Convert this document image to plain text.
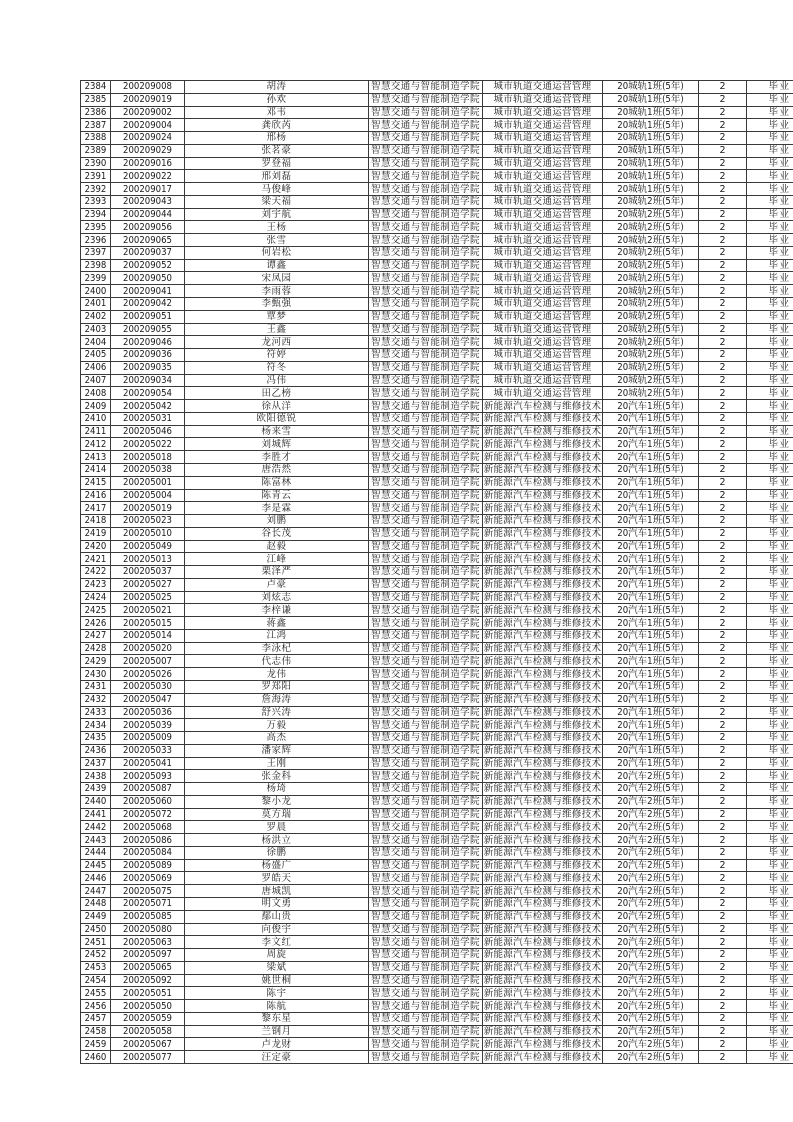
2384	200209008	胡涛	智慧交通与智能制造学院	城市轨道交通运营管理	20城轨1班(5年)	2	毕业
2385	200209019	孙欢	智慧交通与智能制造学院	城市轨道交通运营管理	20城轨1班(5年)	2	毕业
2386	200209002	邓韦	智慧交通与智能制造学院	城市轨道交通运营管理	20城轨1班(5年)	2	毕业
2387	200209004	龚欣芮	智慧交通与智能制造学院	城市轨道交通运营管理	20城轨1班(5年)	2	毕业
2388	200209024	邢杨	智慧交通与智能制造学院	城市轨道交通运营管理	20城轨1班(5年)	2	毕业
2389	200209029	张茗豪	智慧交通与智能制造学院	城市轨道交通运营管理	20城轨1班(5年)	2	毕业
2390	200209016	罗登福	智慧交通与智能制造学院	城市轨道交通运营管理	20城轨1班(5年)	2	毕业
2391	200209022	邢刘磊	智慧交通与智能制造学院	城市轨道交通运营管理	20城轨1班(5年)	2	毕业
2392	200209017	马俊峰	智慧交通与智能制造学院	城市轨道交通运营管理	20城轨1班(5年)	2	毕业
2393	200209043	梁天福	智慧交通与智能制造学院	城市轨道交通运营管理	20城轨2班(5年)	2	毕业
2394	200209044	刘宇航	智慧交通与智能制造学院	城市轨道交通运营管理	20城轨2班(5年)	2	毕业
2395	200209056	王杨	智慧交通与智能制造学院	城市轨道交通运营管理	20城轨2班(5年)	2	毕业
2396	200209065	张雪	智慧交通与智能制造学院	城市轨道交通运营管理	20城轨2班(5年)	2	毕业
2397	200209037	何岩松	智慧交通与智能制造学院	城市轨道交通运营管理	20城轨2班(5年)	2	毕业
2398	200209052	谭鑫	智慧交通与智能制造学院	城市轨道交通运营管理	20城轨2班(5年)	2	毕业
2399	200209050	宋凤园	智慧交通与智能制造学院	城市轨道交通运营管理	20城轨2班(5年)	2	毕业
2400	200209041	李雨蓉	智慧交通与智能制造学院	城市轨道交通运营管理	20城轨2班(5年)	2	毕业
2401	200209042	李甄强	智慧交通与智能制造学院	城市轨道交通运营管理	20城轨2班(5年)	2	毕业
2402	200209051	覃梦	智慧交通与智能制造学院	城市轨道交通运营管理	20城轨2班(5年)	2	毕业
2403	200209055	王鑫	智慧交通与智能制造学院	城市轨道交通运营管理	20城轨2班(5年)	2	毕业
2404	200209046	龙河西	智慧交通与智能制造学院	城市轨道交通运营管理	20城轨2班(5年)	2	毕业
2405	200209036	符婷	智慧交通与智能制造学院	城市轨道交通运营管理	20城轨2班(5年)	2	毕业
2406	200209035	符冬	智慧交通与智能制造学院	城市轨道交通运营管理	20城轨2班(5年)	2	毕业
2407	200209034	冯伟	智慧交通与智能制造学院	城市轨道交通运营管理	20城轨2班(5年)	2	毕业
2408	200209054	田乙榜	智慧交通与智能制造学院	城市轨道交通运营管理	20城轨2班(5年)	2	毕业
2409	200205042	徐从洋	智慧交通与智能制造学院	新能源汽车检测与维修技术	20汽车1班(5年)	2	毕业
2410	200205031	欧阳德锐	智慧交通与智能制造学院	新能源汽车检测与维修技术	20汽车1班(5年)	2	毕业
2411	200205046	杨来雪	智慧交通与智能制造学院	新能源汽车检测与维修技术	20汽车1班(5年)	2	毕业
2412	200205022	刘城辉	智慧交通与智能制造学院	新能源汽车检测与维修技术	20汽车1班(5年)	2	毕业
2413	200205018	李胜才	智慧交通与智能制造学院	新能源汽车检测与维修技术	20汽车1班(5年)	2	毕业
2414	200205038	唐浩然	智慧交通与智能制造学院	新能源汽车检测与维修技术	20汽车1班(5年)	2	毕业
2415	200205001	陈富林	智慧交通与智能制造学院	新能源汽车检测与维修技术	20汽车1班(5年)	2	毕业
2416	200205004	陈青云	智慧交通与智能制造学院	新能源汽车检测与维修技术	20汽车1班(5年)	2	毕业
2417	200205019	李是霖	智慧交通与智能制造学院	新能源汽车检测与维修技术	20汽车1班(5年)	2	毕业
2418	200205023	刘鹏	智慧交通与智能制造学院	新能源汽车检测与维修技术	20汽车1班(5年)	2	毕业
2419	200205010	谷长茂	智慧交通与智能制造学院	新能源汽车检测与维修技术	20汽车1班(5年)	2	毕业
2420	200205049	赵毅	智慧交通与智能制造学院	新能源汽车检测与维修技术	20汽车1班(5年)	2	毕业
2421	200205013	江峰	智慧交通与智能制造学院	新能源汽车检测与维修技术	20汽车1班(5年)	2	毕业
2422	200205037	栗泽严	智慧交通与智能制造学院	新能源汽车检测与维修技术	20汽车1班(5年)	2	毕业
2423	200205027	卢豪	智慧交通与智能制造学院	新能源汽车检测与维修技术	20汽车1班(5年)	2	毕业
2424	200205025	刘炫志	智慧交通与智能制造学院	新能源汽车检测与维修技术	20汽车1班(5年)	2	毕业
2425	200205021	李梓谦	智慧交通与智能制造学院	新能源汽车检测与维修技术	20汽车1班(5年)	2	毕业
2426	200205015	蒋鑫	智慧交通与智能制造学院	新能源汽车检测与维修技术	20汽车1班(5年)	2	毕业
2427	200205014	江鸿	智慧交通与智能制造学院	新能源汽车检测与维修技术	20汽车1班(5年)	2	毕业
2428	200205020	李泳杞	智慧交通与智能制造学院	新能源汽车检测与维修技术	20汽车1班(5年)	2	毕业
2429	200205007	代志伟	智慧交通与智能制造学院	新能源汽车检测与维修技术	20汽车1班(5年)	2	毕业
2430	200205026	龙伟	智慧交通与智能制造学院	新能源汽车检测与维修技术	20汽车1班(5年)	2	毕业
2431	200205030	罗郑阳	智慧交通与智能制造学院	新能源汽车检测与维修技术	20汽车1班(5年)	2	毕业
2432	200205047	詹海涛	智慧交通与智能制造学院	新能源汽车检测与维修技术	20汽车1班(5年)	2	毕业
2433	200205036	舒兴涛	智慧交通与智能制造学院	新能源汽车检测与维修技术	20汽车1班(5年)	2	毕业
2434	200205039	万毅	智慧交通与智能制造学院	新能源汽车检测与维修技术	20汽车1班(5年)	2	毕业
2435	200205009	高杰	智慧交通与智能制造学院	新能源汽车检测与维修技术	20汽车1班(5年)	2	毕业
2436	200205033	潘家辉	智慧交通与智能制造学院	新能源汽车检测与维修技术	20汽车1班(5年)	2	毕业
2437	200205041	王刚	智慧交通与智能制造学院	新能源汽车检测与维修技术	20汽车1班(5年)	2	毕业
2438	200205093	张金科	智慧交通与智能制造学院	新能源汽车检测与维修技术	20汽车2班(5年)	2	毕业
2439	200205087	杨琦	智慧交通与智能制造学院	新能源汽车检测与维修技术	20汽车2班(5年)	2	毕业
2440	200205060	黎小龙	智慧交通与智能制造学院	新能源汽车检测与维修技术	20汽车2班(5年)	2	毕业
2441	200205072	莫方瑞	智慧交通与智能制造学院	新能源汽车检测与维修技术	20汽车2班(5年)	2	毕业
2442	200205068	罗晨	智慧交通与智能制造学院	新能源汽车检测与维修技术	20汽车2班(5年)	2	毕业
2443	200205086	杨洪立	智慧交通与智能制造学院	新能源汽车检测与维修技术	20汽车2班(5年)	2	毕业
2444	200205084	徐鹏	智慧交通与智能制造学院	新能源汽车检测与维修技术	20汽车2班(5年)	2	毕业
2445	200205089	杨盛广	智慧交通与智能制造学院	新能源汽车检测与维修技术	20汽车2班(5年)	2	毕业
2446	200205069	罗皓天	智慧交通与智能制造学院	新能源汽车检测与维修技术	20汽车2班(5年)	2	毕业
2447	200205075	唐城凯	智慧交通与智能制造学院	新能源汽车检测与维修技术	20汽车2班(5年)	2	毕业
2448	200205071	明文勇	智慧交通与智能制造学院	新能源汽车检测与维修技术	20汽车2班(5年)	2	毕业
2449	200205085	鄢山贵	智慧交通与智能制造学院	新能源汽车检测与维修技术	20汽车2班(5年)	2	毕业
2450	200205080	向俊宇	智慧交通与智能制造学院	新能源汽车检测与维修技术	20汽车2班(5年)	2	毕业
2451	200205063	李文红	智慧交通与智能制造学院	新能源汽车检测与维修技术	20汽车2班(5年)	2	毕业
2452	200205097	周旋	智慧交通与智能制造学院	新能源汽车检测与维修技术	20汽车2班(5年)	2	毕业
2453	200205065	梁斌	智慧交通与智能制造学院	新能源汽车检测与维修技术	20汽车2班(5年)	2	毕业
2454	200205092	姚世桐	智慧交通与智能制造学院	新能源汽车检测与维修技术	20汽车2班(5年)	2	毕业
2455	200205051	陈宇	智慧交通与智能制造学院	新能源汽车检测与维修技术	20汽车2班(5年)	2	毕业
2456	200205050	陈航	智慧交通与智能制造学院	新能源汽车检测与维修技术	20汽车2班(5年)	2	毕业
2457	200205059	黎东星	智慧交通与智能制造学院	新能源汽车检测与维修技术	20汽车2班(5年)	2	毕业
2458	200205058	兰钢月	智慧交通与智能制造学院	新能源汽车检测与维修技术	20汽车2班(5年)	2	毕业
2459	200205067	卢龙财	智慧交通与智能制造学院	新能源汽车检测与维修技术	20汽车2班(5年)	2	毕业
2460	200205077	汪定豪	智慧交通与智能制造学院	新能源汽车检测与维修技术	20汽车2班(5年)	2	毕业
